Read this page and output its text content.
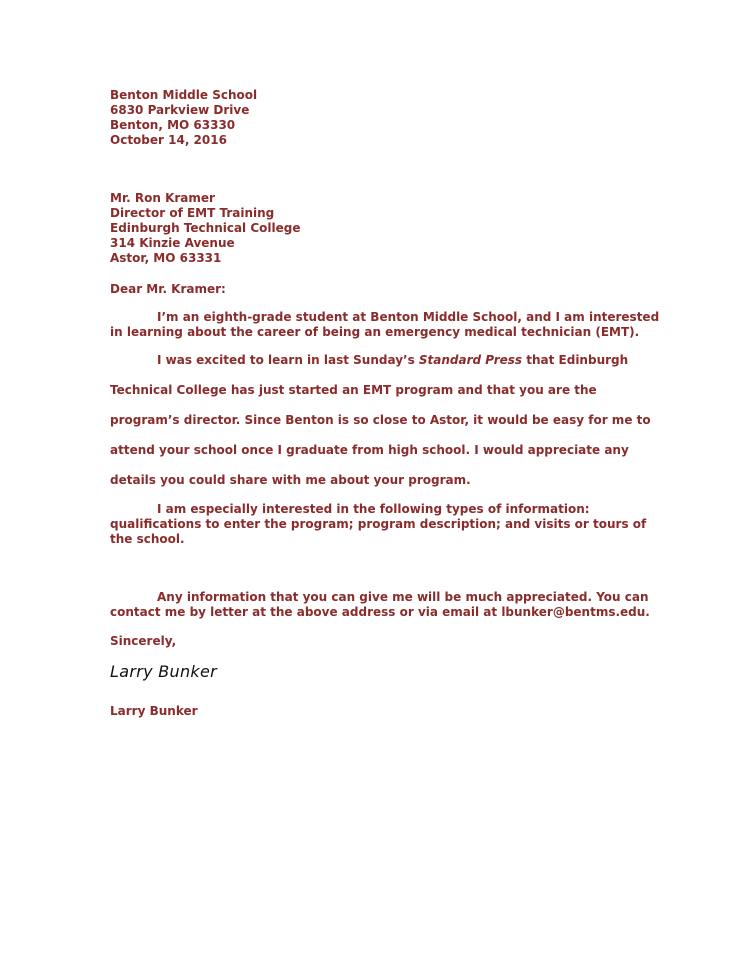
Benton Middle School
6830 Parkview Drive
Benton, MO 63330
October 14, 2016
Mr. Ron Kramer
Director of EMT Training
Edinburgh Technical College
314 Kinzie Avenue
Astor, MO 63331
Dear Mr. Kramer:
I’m an eighth-grade student at Benton Middle School, and I am interested
in learning about the career of being an emergency medical technician (EMT).
I was excited to learn in last Sunday’s Standard Press that Edinburgh
Technical College has just started an EMT program and that you are the
program’s director. Since Benton is so close to Astor, it would be easy for me to
attend your school once I graduate from high school. I would appreciate any
details you could share with me about your program.
I am especially interested in the following types of information:
qualifications to enter the program; program description; and visits or tours of
the school.
Any information that you can give me will be much appreciated. You can
contact me by letter at the above address or via email at lbunker@bentms.edu.
Sincerely,
Larry Bunker
Larry Bunker
